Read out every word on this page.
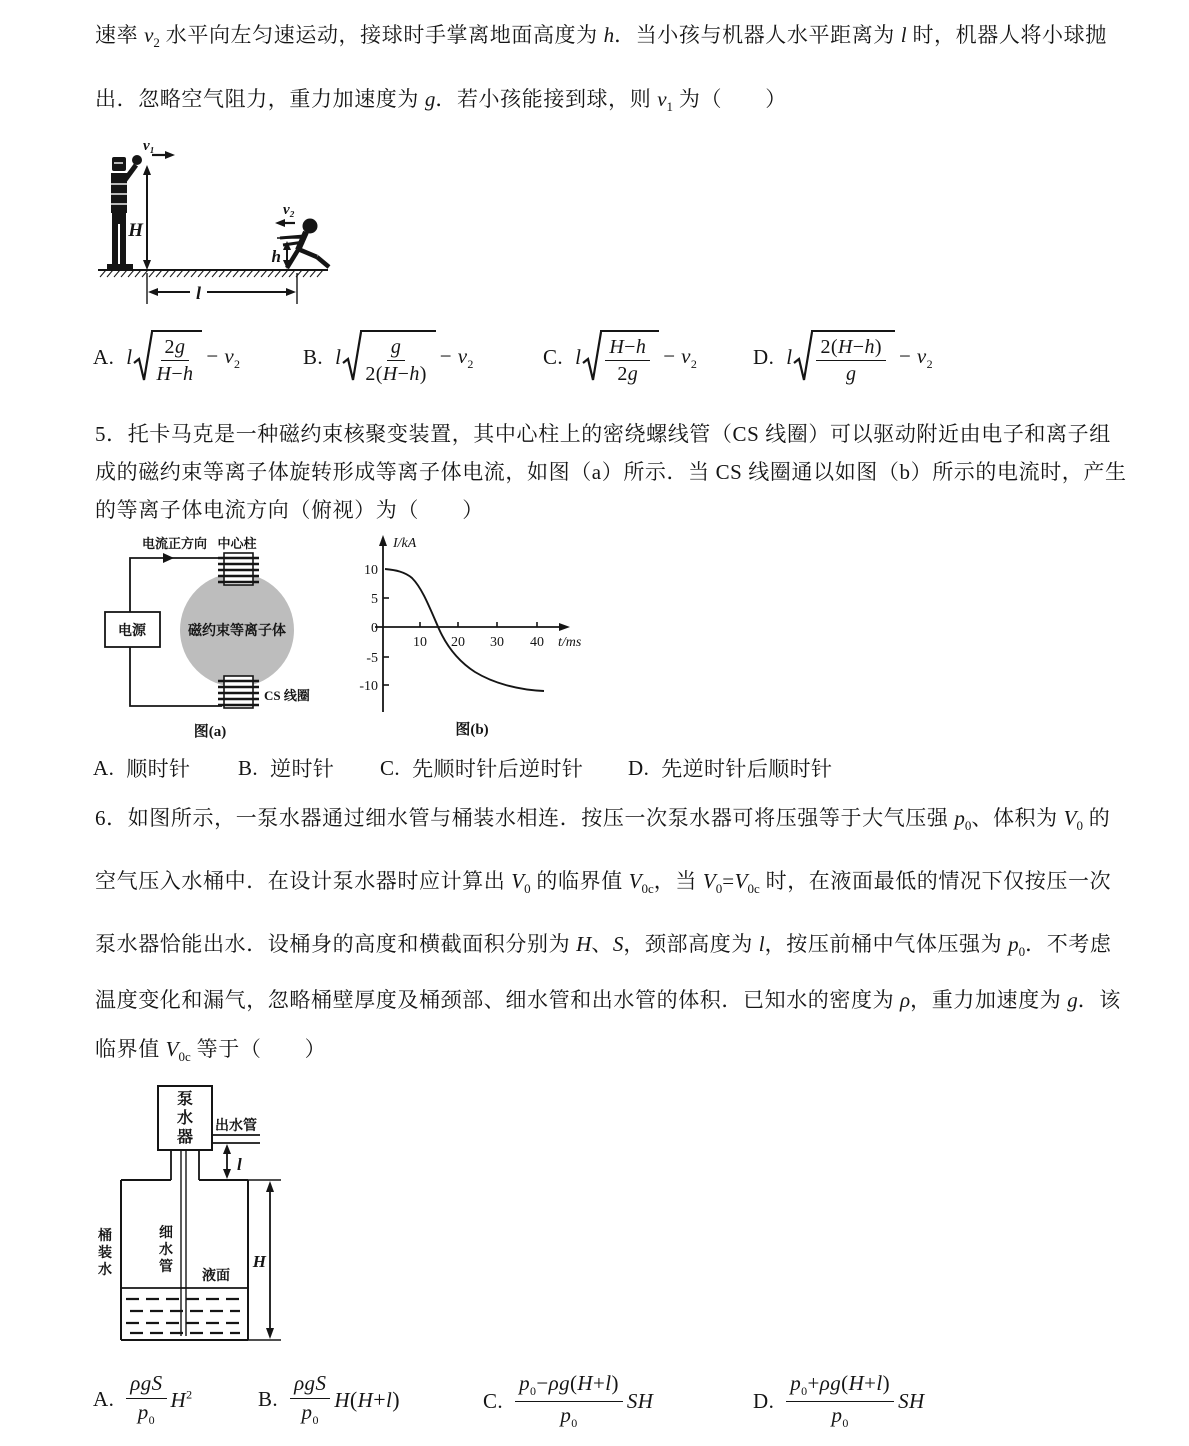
速率 $v_2$ 水平向左匀速运动，接球时手掌离地面高度为 h．当小孩与机器人水平距离为 l 时，机器人将小球抛
出．忽略空气阻力，重力加速度为 g．若小孩能接到球，则 $v_1$ 为（　　）
v₁
H
v₂
h
l
A. l $\frac{2g}{H-h} - v_2$	B. l $\frac{g}{2(H-h)} - v_2$	C. l $\frac{H-h}{2g} - v_2$	D. l $\frac{2(H-h)}{g} - v_2$
5．托卡马克是一种磁约束核聚变装置，其中心柱上的密绕螺线管（CS 线圈）可以驱动附近由电子和离子组
成的磁约束等离子体旋转形成等离子体电流，如图（a）所示．当 CS 线圈通以如图（b）所示的电流时，产生
的等离子体电流方向（俯视）为（　　）
电流正方向 中心柱
电源	磁约束等离子体
CS 线圈
图(a)
I/kA
t/ms
10
5
0
-5
-10
10 20 30 40
图(b)
A. 顺时针 B. 逆时针 C. 先顺时针后逆时针 D. 先逆时针后顺时针
6．如图所示，一泵水器通过细水管与桶装水相连．按压一次泵水器可将压强等于大气压强 $p_0$、体积为 $V_0$ 的
空气压入水桶中．在设计泵水器时应计算出 $V_0$ 的临界值 $V_{0c}$，当 $V_0=V_{0c}$ 时，在液面最低的情况下仅按压一次
泵水器恰能出水．设桶身的高度和横截面积分别为 H、S，颈部高度为 l，按压前桶中气体压强为 $p_0$．不考虑
温度变化和漏气，忽略桶壁厚度及桶颈部、细水管和出水管的体积．已知水的密度为 ρ，重力加速度为 g．该
临界值 $V_{0c}$ 等于（　　）
泵
水
器
出水管
l
H
桶
装
水
细
水
管
液面
A. $\frac{\text{ρgS}}{p_0} H^2$	B. $\frac{\text{ρgS}}{p_0} H(H+l)$	C. $\frac{p_0-\rho g(H+l)}{p_0}$ SH	D. $\frac{p_0+\rho g(H+l)}{p_0}$ SH
